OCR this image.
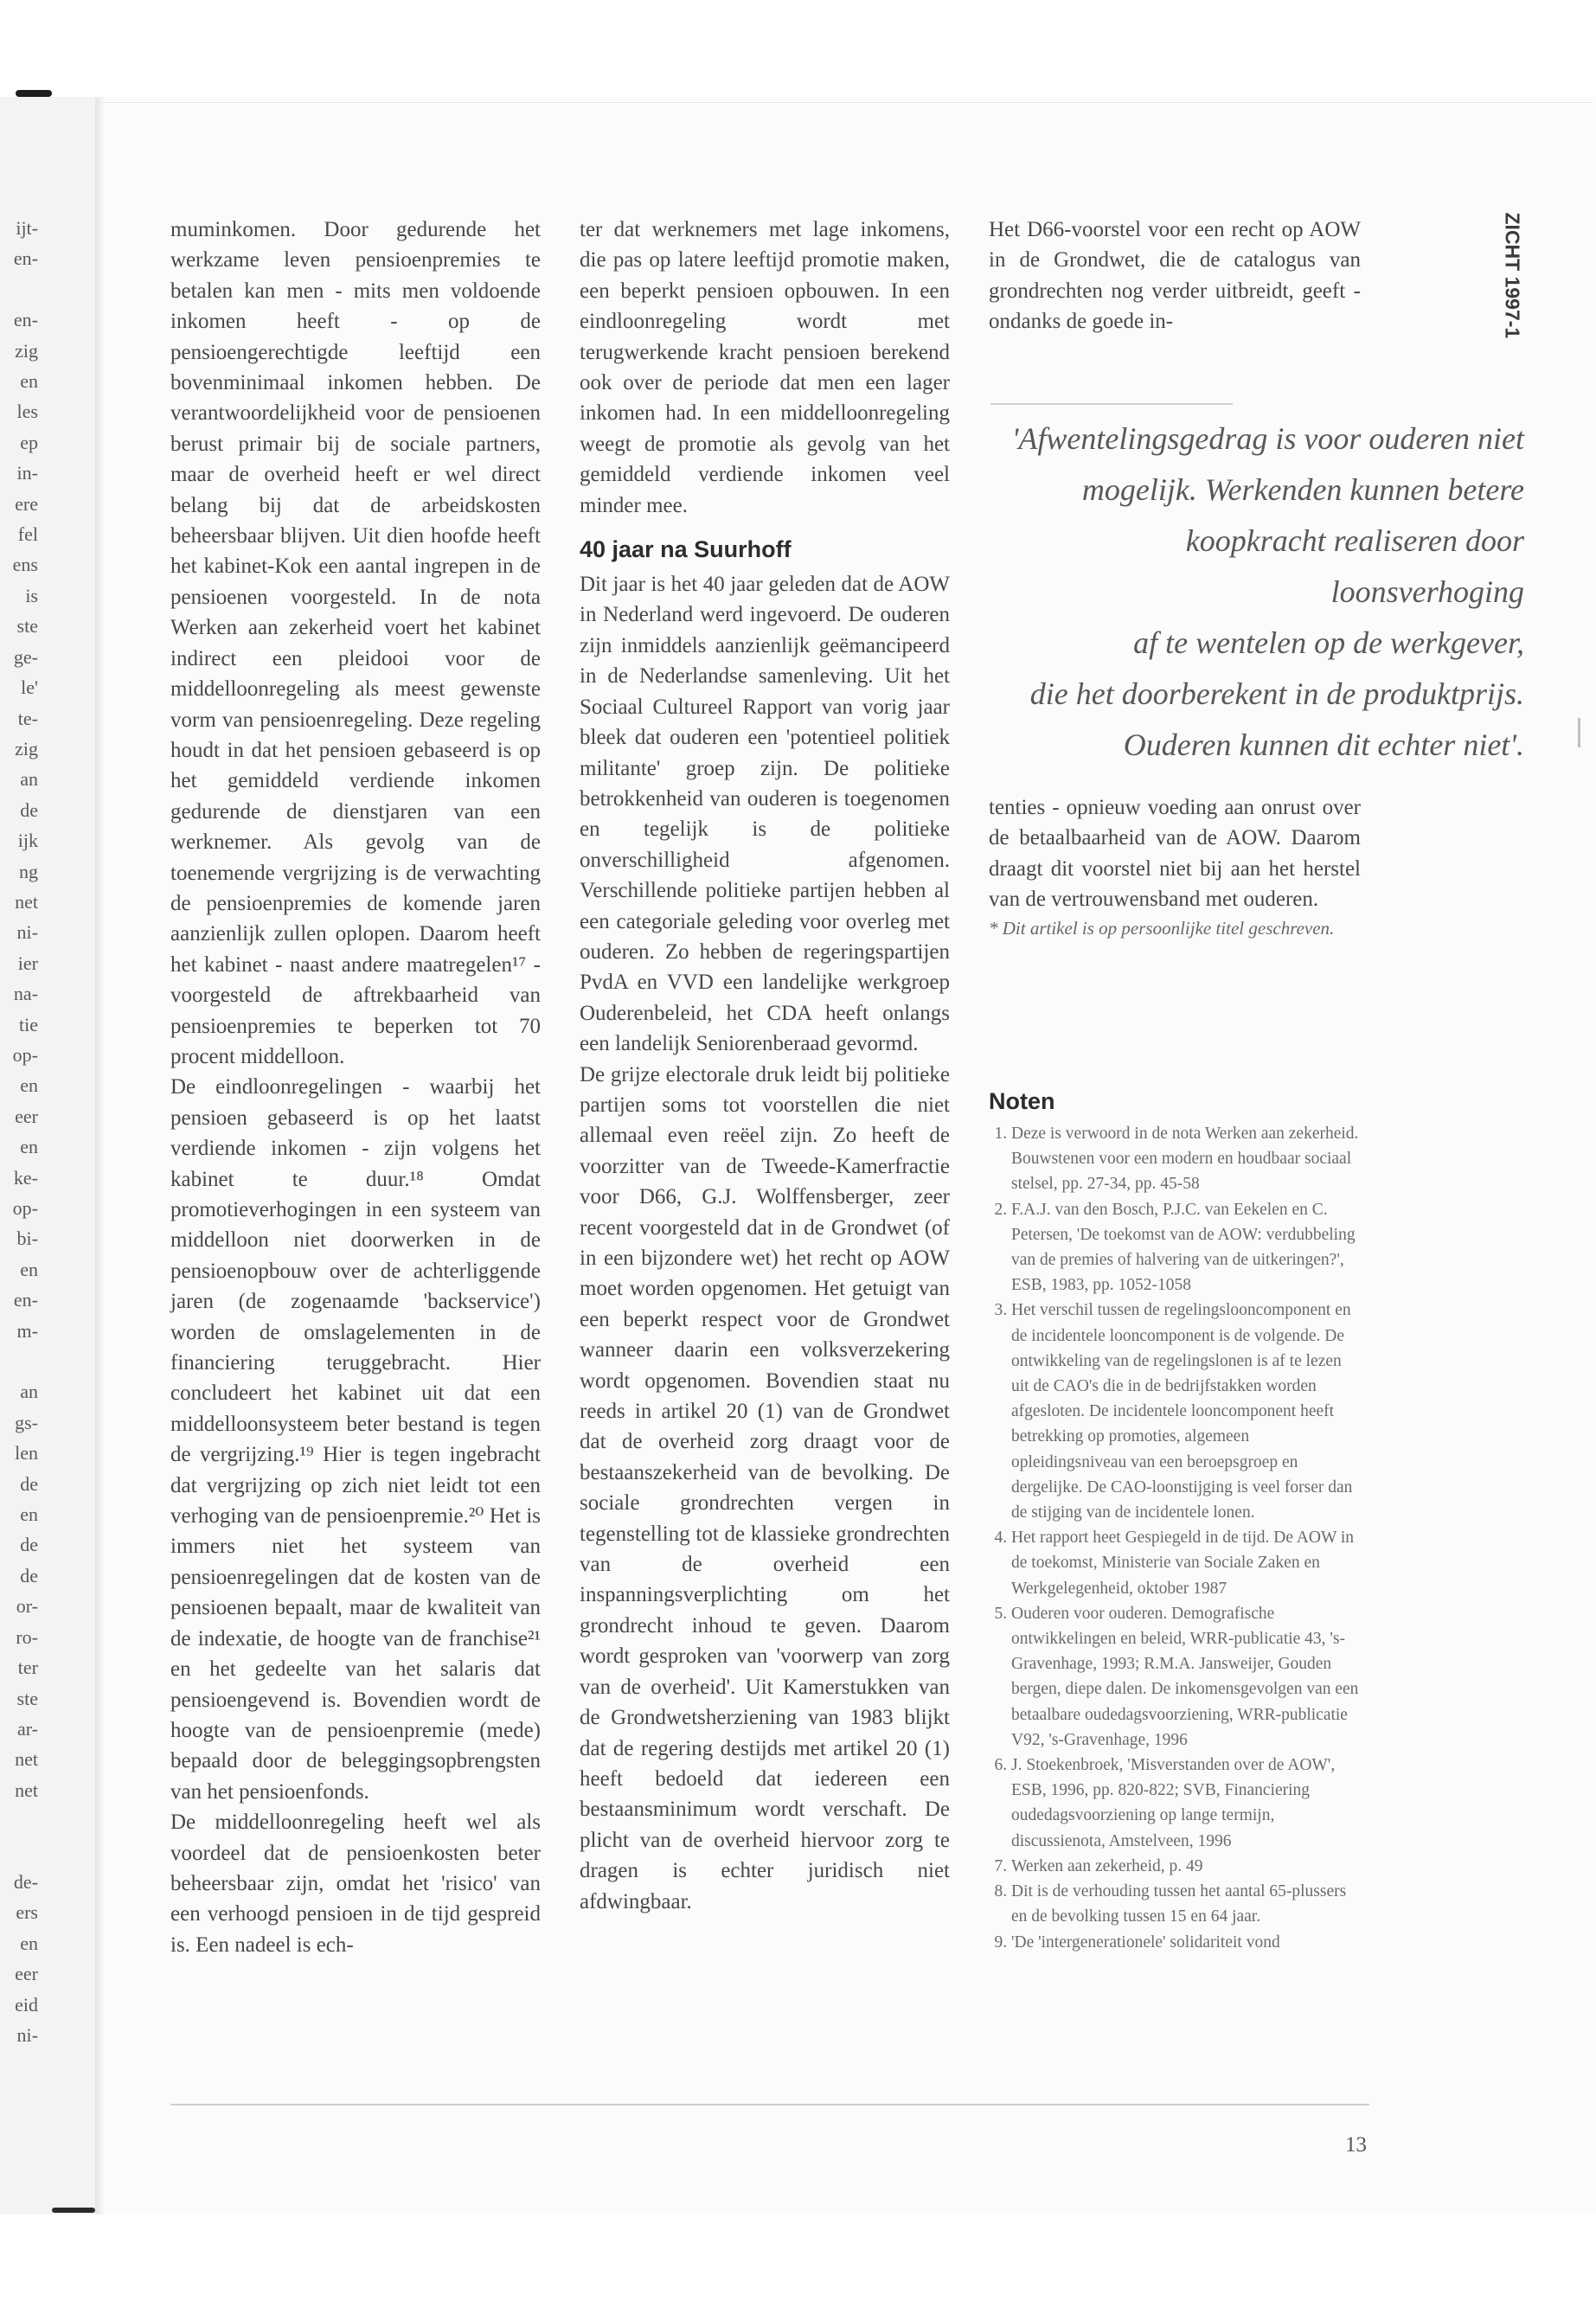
ijt-
en-

en-
zig
en
les
ep
in-
ere
fel
ens
is
ste
ge-
le'
te-
zig
an
de
ijk
ng
net
ni-
ier
na-
tie
op-
en
eer
en
ke-
op-
bi-
en
en-
m-

an
gs-
len
de
en
de
de
or-
ro-
ter
ste
ar-
net
net

de-
ers
en
eer
eid
ni-

muminkomen. Door gedurende het werkzame leven pensioenpremies te betalen kan men - mits men voldoende inkomen heeft - op de pensioengerechtigde leeftijd een bovenminimaal inkomen hebben. De verantwoordelijkheid voor de pensioenen berust primair bij de sociale partners, maar de overheid heeft er wel direct belang bij dat de arbeidskosten beheersbaar blijven. Uit dien hoofde heeft het kabinet-Kok een aantal ingrepen in de pensioenen voorgesteld. In de nota Werken aan zekerheid voert het kabinet indirect een pleidooi voor de middelloonregeling als meest gewenste vorm van pensioenregeling. Deze regeling houdt in dat het pensioen gebaseerd is op het gemiddeld verdiende inkomen gedurende de dienstjaren van een werknemer. Als gevolg van de toenemende vergrijzing is de verwachting de pensioenpremies de komende jaren aanzienlijk zullen oplopen. Daarom heeft het kabinet - naast andere maatregelen¹⁷ - voorgesteld de aftrekbaarheid van pensioenpremies te beperken tot 70 procent middelloon.

De eindloonregelingen - waarbij het pensioen gebaseerd is op het laatst verdiende inkomen - zijn volgens het kabinet te duur.¹⁸ Omdat promotieverhogingen in een systeem van middelloon niet doorwerken in de pensioenopbouw over de achterliggende jaren (de zogenaamde 'backservice') worden de omslagelementen in de financiering teruggebracht. Hier concludeert het kabinet uit dat een middelloonsysteem beter bestand is tegen de vergrijzing.¹⁹ Hier is tegen ingebracht dat vergrijzing op zich niet leidt tot een verhoging van de pensioenpremie.²⁰ Het is immers niet het systeem van pensioenregelingen dat de kosten van de pensioenen bepaalt, maar de kwaliteit van de indexatie, de hoogte van de franchise²¹ en het gedeelte van het salaris dat pensioengevend is. Bovendien wordt de hoogte van de pensioenpremie (mede) bepaald door de beleggingsopbrengsten van het pensioenfonds.

De middelloonregeling heeft wel als voordeel dat de pensioenkosten beter beheersbaar zijn, omdat het 'risico' van een verhoogd pensioen in de tijd gespreid is. Een nadeel is ech-

ter dat werknemers met lage inkomens, die pas op latere leeftijd promotie maken, een beperkt pensioen opbouwen. In een eindloonregeling wordt met terugwerkende kracht pensioen berekend ook over de periode dat men een lager inkomen had. In een middelloonregeling weegt de promotie als gevolg van het gemiddeld verdiende inkomen veel minder mee.

40 jaar na Suurhoff

Dit jaar is het 40 jaar geleden dat de AOW in Nederland werd ingevoerd. De ouderen zijn inmiddels aanzienlijk geëmancipeerd in de Nederlandse samenleving. Uit het Sociaal Cultureel Rapport van vorig jaar bleek dat ouderen een 'potentieel politiek militante' groep zijn. De politieke betrokkenheid van ouderen is toegenomen en tegelijk is de politieke onverschilligheid afgenomen. Verschillende politieke partijen hebben al een categoriale geleding voor overleg met ouderen. Zo hebben de regeringspartijen PvdA en VVD een landelijke werkgroep Ouderenbeleid, het CDA heeft onlangs een landelijk Seniorenberaad gevormd.

De grijze electorale druk leidt bij politieke partijen soms tot voorstellen die niet allemaal even reëel zijn. Zo heeft de voorzitter van de Tweede-Kamerfractie voor D66, G.J. Wolffensberger, zeer recent voorgesteld dat in de Grondwet (of in een bijzondere wet) het recht op AOW moet worden opgenomen. Het getuigt van een beperkt respect voor de Grondwet wanneer daarin een volksverzekering wordt opgenomen. Bovendien staat nu reeds in artikel 20 (1) van de Grondwet dat de overheid zorg draagt voor de bestaanszekerheid van de bevolking. De sociale grondrechten vergen in tegenstelling tot de klassieke grondrechten van de overheid een inspanningsverplichting om het grondrecht inhoud te geven. Daarom wordt gesproken van 'voorwerp van zorg van de overheid'. Uit Kamerstukken van de Grondwetsherziening van 1983 blijkt dat de regering destijds met artikel 20 (1) heeft bedoeld dat iedereen een bestaansminimum wordt verschaft. De plicht van de overheid hiervoor zorg te dragen is echter juridisch niet afdwingbaar.

Het D66-voorstel voor een recht op AOW in de Grondwet, die de catalogus van grondrechten nog verder uitbreidt, geeft - ondanks de goede in-

'Afwentelingsgedrag is voor ouderen niet

mogelijk. Werkenden kunnen betere

koopkracht realiseren door loonsverhoging

af te wentelen op de werkgever,

die het doorberekent in de produktprijs.

Ouderen kunnen dit echter niet'.

tenties - opnieuw voeding aan onrust over de betaalbaarheid van de AOW. Daarom draagt dit voorstel niet bij aan het herstel van de vertrouwensband met ouderen.

* Dit artikel is op persoonlijke titel geschreven.

Noten
1. Deze is verwoord in de nota Werken aan zekerheid. Bouwstenen voor een modern en houdbaar sociaal stelsel, pp. 27-34, pp. 45-58
2. F.A.J. van den Bosch, P.J.C. van Eekelen en C. Petersen, 'De toekomst van de AOW: verdubbeling van de premies of halvering van de uitkeringen?', ESB, 1983, pp. 1052-1058
3. Het verschil tussen de regelingslooncomponent en de incidentele looncomponent is de volgende. De ontwikkeling van de regelingslonen is af te lezen uit de CAO's die in de bedrijfstakken worden afgesloten. De incidentele looncomponent heeft betrekking op promoties, algemeen opleidingsniveau van een beroepsgroep en dergelijke. De CAO-loonstijging is veel forser dan de stijging van de incidentele lonen.
4. Het rapport heet Gespiegeld in de tijd. De AOW in de toekomst, Ministerie van Sociale Zaken en Werkgelegenheid, oktober 1987
5. Ouderen voor ouderen. Demografische ontwikkelingen en beleid, WRR-publicatie 43, 's-Gravenhage, 1993; R.M.A. Jansweijer, Gouden bergen, diepe dalen. De inkomensgevolgen van een betaalbare oudedagsvoorziening, WRR-publicatie V92, 's-Gravenhage, 1996
6. J. Stoekenbroek, 'Misverstanden over de AOW', ESB, 1996, pp. 820-822; SVB, Financiering oudedagsvoorziening op lange termijn, discussienota, Amstelveen, 1996
7. Werken aan zekerheid, p. 49
8. Dit is de verhouding tussen het aantal 65-plussers en de bevolking tussen 15 en 64 jaar.
9. 'De 'intergenerationele' solidariteit vond
ZICHT 1997-1
13
